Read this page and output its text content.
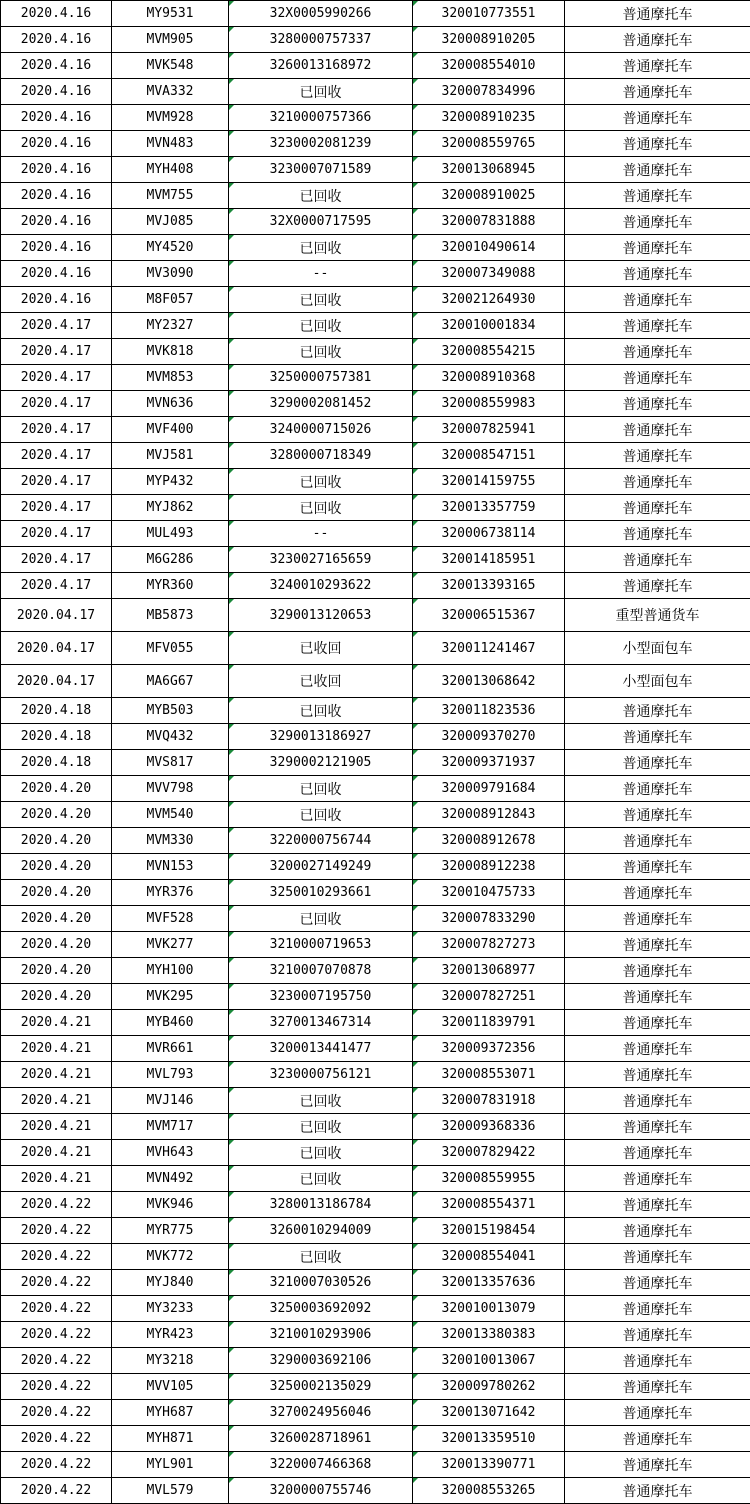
2020.4.16	MY9531	32X0005990266	320010773551	普通摩托车
2020.4.16	MVM905	3280000757337	320008910205	普通摩托车
2020.4.16	MVK548	3260013168972	320008554010	普通摩托车
2020.4.16	MVA332	已回收	320007834996	普通摩托车
2020.4.16	MVM928	3210000757366	320008910235	普通摩托车
2020.4.16	MVN483	3230002081239	320008559765	普通摩托车
2020.4.16	MYH408	3230007071589	320013068945	普通摩托车
2020.4.16	MVM755	已回收	320008910025	普通摩托车
2020.4.16	MVJ085	32X0000717595	320007831888	普通摩托车
2020.4.16	MY4520	已回收	320010490614	普通摩托车
2020.4.16	MV3090	--	320007349088	普通摩托车
2020.4.16	M8F057	已回收	320021264930	普通摩托车
2020.4.17	MY2327	已回收	320010001834	普通摩托车
2020.4.17	MVK818	已回收	320008554215	普通摩托车
2020.4.17	MVM853	3250000757381	320008910368	普通摩托车
2020.4.17	MVN636	3290002081452	320008559983	普通摩托车
2020.4.17	MVF400	3240000715026	320007825941	普通摩托车
2020.4.17	MVJ581	3280000718349	320008547151	普通摩托车
2020.4.17	MYP432	已回收	320014159755	普通摩托车
2020.4.17	MYJ862	已回收	320013357759	普通摩托车
2020.4.17	MUL493	--	320006738114	普通摩托车
2020.4.17	M6G286	3230027165659	320014185951	普通摩托车
2020.4.17	MYR360	3240010293622	320013393165	普通摩托车
2020.04.17	MB5873	3290013120653	320006515367	重型普通货车
2020.04.17	MFV055	已收回	320011241467	小型面包车
2020.04.17	MA6G67	已收回	320013068642	小型面包车
2020.4.18	MYB503	已回收	320011823536	普通摩托车
2020.4.18	MVQ432	3290013186927	320009370270	普通摩托车
2020.4.18	MVS817	3290002121905	320009371937	普通摩托车
2020.4.20	MVV798	已回收	320009791684	普通摩托车
2020.4.20	MVM540	已回收	320008912843	普通摩托车
2020.4.20	MVM330	3220000756744	320008912678	普通摩托车
2020.4.20	MVN153	3200027149249	320008912238	普通摩托车
2020.4.20	MYR376	3250010293661	320010475733	普通摩托车
2020.4.20	MVF528	已回收	320007833290	普通摩托车
2020.4.20	MVK277	3210000719653	320007827273	普通摩托车
2020.4.20	MYH100	3210007070878	320013068977	普通摩托车
2020.4.20	MVK295	3230007195750	320007827251	普通摩托车
2020.4.21	MYB460	3270013467314	320011839791	普通摩托车
2020.4.21	MVR661	3200013441477	320009372356	普通摩托车
2020.4.21	MVL793	3230000756121	320008553071	普通摩托车
2020.4.21	MVJ146	已回收	320007831918	普通摩托车
2020.4.21	MVM717	已回收	320009368336	普通摩托车
2020.4.21	MVH643	已回收	320007829422	普通摩托车
2020.4.21	MVN492	已回收	320008559955	普通摩托车
2020.4.22	MVK946	3280013186784	320008554371	普通摩托车
2020.4.22	MYR775	3260010294009	320015198454	普通摩托车
2020.4.22	MVK772	已回收	320008554041	普通摩托车
2020.4.22	MYJ840	3210007030526	320013357636	普通摩托车
2020.4.22	MY3233	3250003692092	320010013079	普通摩托车
2020.4.22	MYR423	3210010293906	320013380383	普通摩托车
2020.4.22	MY3218	3290003692106	320010013067	普通摩托车
2020.4.22	MVV105	3250002135029	320009780262	普通摩托车
2020.4.22	MYH687	3270024956046	320013071642	普通摩托车
2020.4.22	MYH871	3260028718961	320013359510	普通摩托车
2020.4.22	MYL901	3220007466368	320013390771	普通摩托车
2020.4.22	MVL579	3200000755746	320008553265	普通摩托车
